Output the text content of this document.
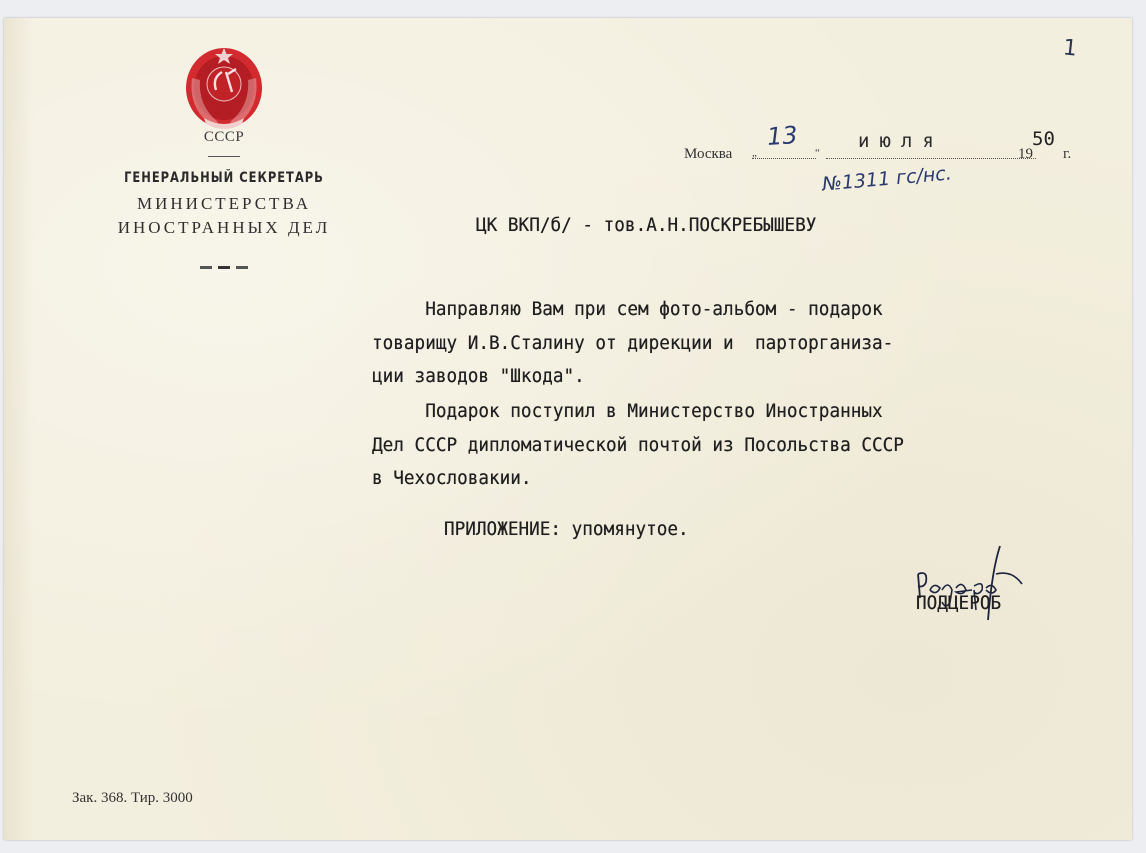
1
СССР
ГЕНЕРАЛЬНЫЙ СЕКРЕТАРЬ
МИНИСТЕРСТВА
ИНОСТРАННЫХ ДЕЛ
Москва „	“
13	июля
19
50
г.
№1311 гс/нс.
ЦК ВКП/б/ - тов.А.Н.ПОСКРЕБЫШЕВУ
Направляю Вам при сем фото-альбом - подарок
товарищу И.В.Сталину от дирекции и  парторганиза-
ции заводов "Шкода".
Подарок поступил в Министерство Иностранных
Дел СССР дипломатической почтой из Посольства СССР
в Чехословакии.
ПРИЛОЖЕНИЕ: упомянутое.
ПОДЦЕРОБ
Зак. 368. Тир. 3000
